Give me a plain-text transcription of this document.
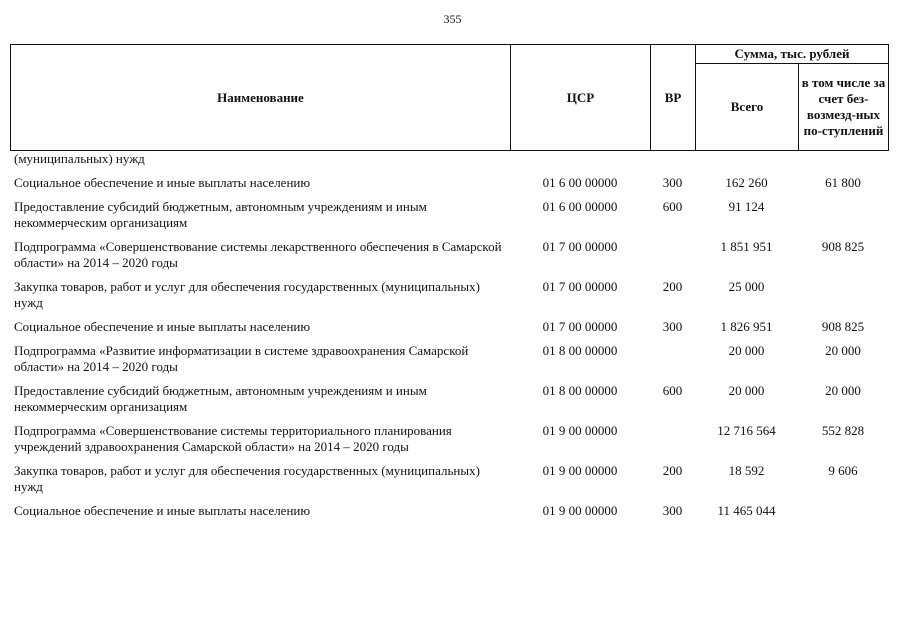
355
Наименование	ЦСР	ВР	Сумма, тыс. рублей	
			Всего	в том числе за счет без-возмезд-ных по-ступлений
(муниципальных) нужд				

Социальное обеспечение и иные выплаты населению	01 6 00 00000	300	162 260	61 800

Предоставление субсидий бюджетным, автономным учреждениям и иным некоммерческим организациям	01 6 00 00000	600	91 124	

Подпрограмма «Совершенствование системы лекарственного обеспечения в Самарской области» на 2014 – 2020 годы	01 7 00 00000		1 851 951	908 825

Закупка товаров, работ и услуг для обеспечения государственных (муниципальных) нужд	01 7 00 00000	200	25 000	

Социальное обеспечение и иные выплаты населению	01 7 00 00000	300	1 826 951	908 825

Подпрограмма «Развитие информатизации в системе здравоохранения Самарской области» на 2014 – 2020 годы	01 8 00 00000		20 000	20 000

Предоставление субсидий бюджетным, автономным учреждениям и иным некоммерческим организациям	01 8 00 00000	600	20 000	20 000

Подпрограмма «Совершенствование системы территориального планирования учреждений здравоохранения Самарской области» на 2014 – 2020 годы	01 9 00 00000		12 716 564	552 828

Закупка товаров, работ и услуг для обеспечения государственных (муниципальных) нужд	01 9 00 00000	200	18 592	9 606

Социальное обеспечение и иные выплаты населению	01 9 00 00000	300	11 465 044	
